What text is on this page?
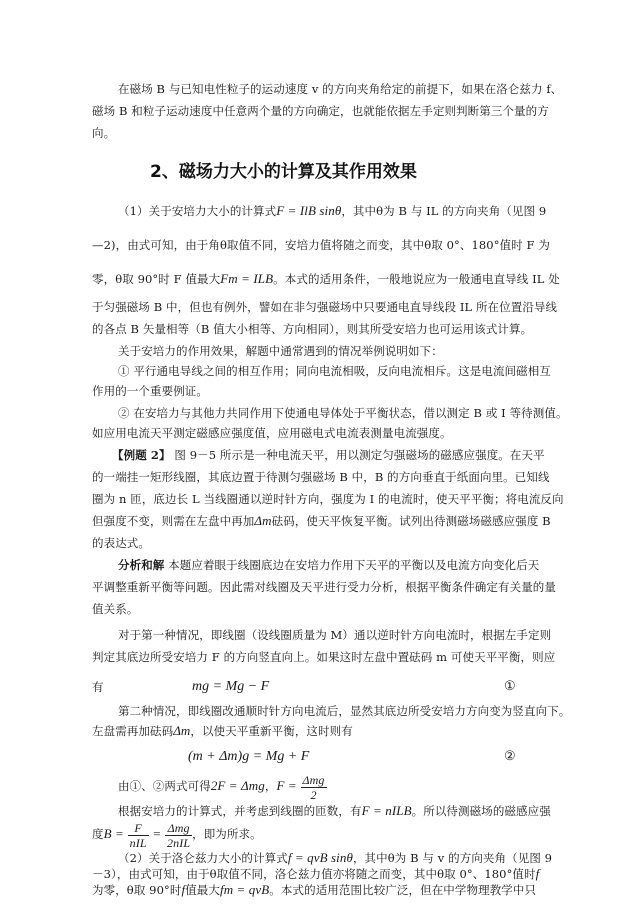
在磁场 B 与已知电性粒子的运动速度 v 的方向夹角给定的前提下，如果在洛仑兹力 f、
磁场 B 和粒子运动速度中任意两个量的方向确定，也就能依据左手定则判断第三个量的方
向。
2、磁场力大小的计算及其作用效果
（1）关于安培力大小的计算式F = IlB sinθ，其中θ为 B 与 IL 的方向夹角（见图 9
—2)，由式可知，由于角θ取值不同，安培力值将随之而变，其中θ取 0°、180°值时 F 为
零，θ取 90°时 F 值最大Fm = ILB。本式的适用条件，一般地说应为一般通电直导线 IL 处
于匀强磁场 B 中，但也有例外，譬如在非匀强磁场中只要通电直导线段 IL 所在位置沿导线
的各点 B 矢量相等（B 值大小相等、方向相同），则其所受安培力也可运用该式计算。
关于安培力的作用效果，解题中通常遇到的情况举例说明如下：
① 平行通电导线之间的相互作用；同向电流相吸，反向电流相斥。这是电流间磁相互
作用的一个重要例证。
② 在安培力与其他力共同作用下使通电导体处于平衡状态，借以测定 B 或 I 等待测值。
如应用电流天平测定磁感应强度值，应用磁电式电流表测量电流强度。
【例题 2】 图 9－5 所示是一种电流天平，用以测定匀强磁场的磁感应强度。在天平
的一端挂一矩形线圈，其底边置于待测匀强磁场 B 中，B 的方向垂直于纸面向里。已知线
圈为 n 匝，底边长 L 当线圈通以逆时针方向，强度为 I 的电流时，使天平平衡；将电流反向
但强度不变，则需在左盘中再加Δm砝码，使天平恢复平衡。试列出待测磁场磁感应强度 B
的表达式。
分析和解 本题应着眼于线圈底边在安培力作用下天平的平衡以及电流方向变化后天
平调整重新平衡等问题。因此需对线圈及天平进行受力分析，根据平衡条件确定有关量的量
值关系。
对于第一种情况，即线圈（设线圈质量为 M）通以逆时针方向电流时，根据左手定则
判定其底边所受安培力 F 的方向竖直向上。如果这时左盘中置砝码 m 可使天平平衡，则应
有	mg = Mg − F	①
第二种情况，即线圈改通顺时针方向电流后，显然其底边所受安培力方向变为竖直向下。
左盘需再加砝码Δm，以使天平重新平衡，这时则有
(m + Δm)g = Mg + F	②
由①、②两式可得2F = Δmg，$F = \frac{\text{Δmg}}{2}$
根据安培力的计算式，并考虑到线圈的匝数，有F = nILB。所以待测磁场的磁感应强
度$B = \frac{F}{\text{nIL}} = \frac{\text{Δmg}}{\text{2nIL}}$ ，即为所求。
（2）关于洛仑兹力大小的计算式f = qvB sinθ，其中θ为 B 与 v 的方向夹角（见图 9
－3），由式可知，由于θ取值不同，洛仑兹力值亦将随之而变，其中θ取 0°、180°值时f
为零，θ取 90°时f值最大fm = qvB。本式的适用范围比较广泛，但在中学物理教学中只
